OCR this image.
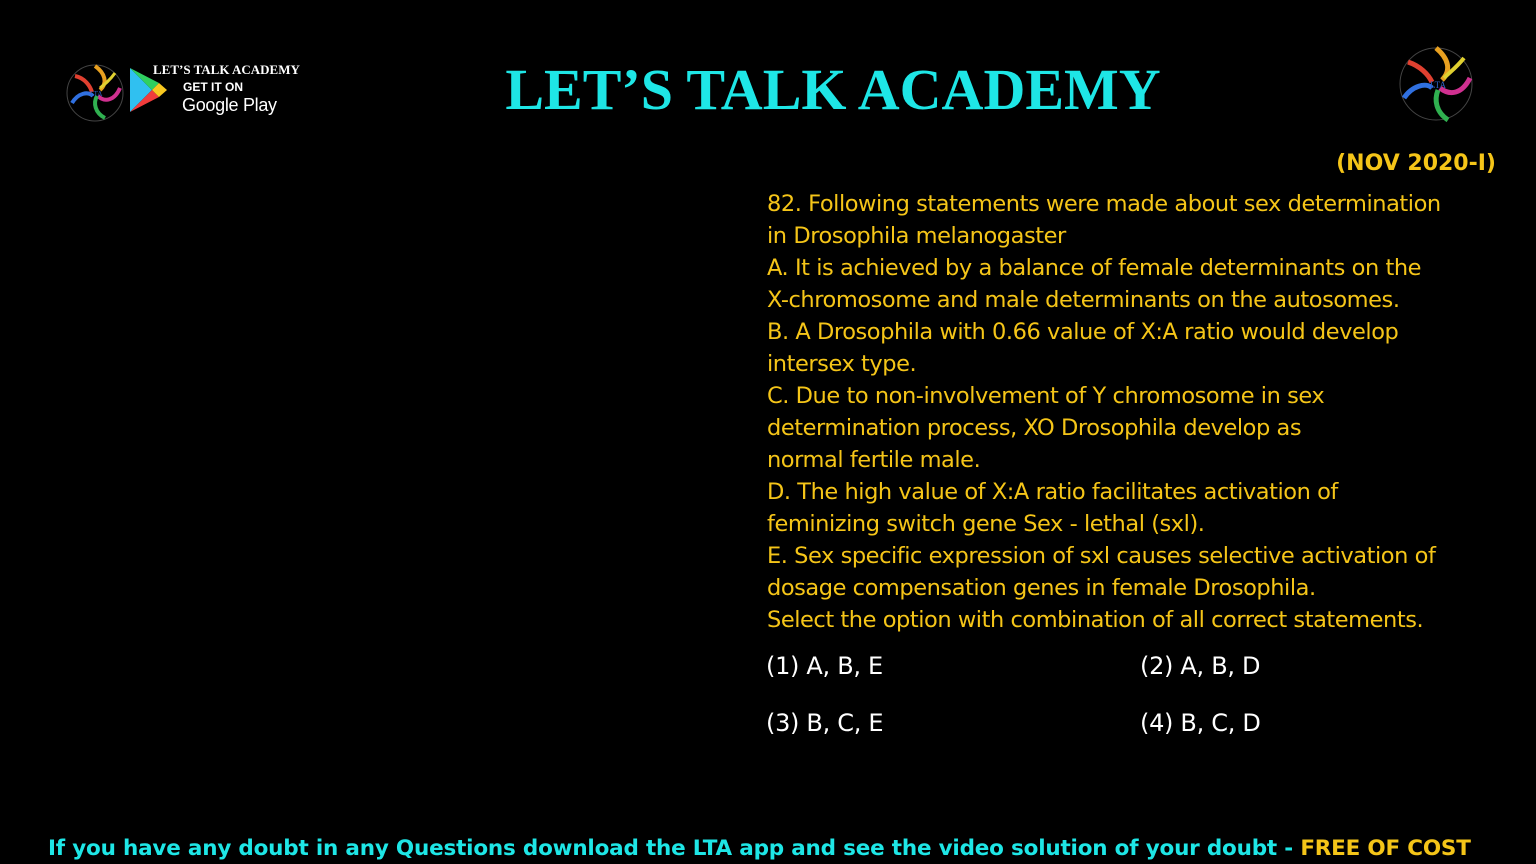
LTA
LET’S TALK ACADEMY
GET IT ON
Google Play	LET’S TALK ACADEMY	LTA
(NOV 2020-I)
82. Following statements were made about sex determination
in Drosophila melanogaster
A. It is achieved by a balance of female determinants on the
X-chromosome and male determinants on the autosomes.
B. A Drosophila with 0.66 value of X:A ratio would develop
intersex type.
C. Due to non-involvement of Y chromosome in sex
determination process, XO Drosophila develop as
normal fertile male.
D. The high value of X:A ratio facilitates activation of
feminizing switch gene Sex - lethal (sxl).
E. Sex specific expression of sxl causes selective activation of
dosage compensation genes in female Drosophila.
Select the option with combination of all correct statements.
(1) A, B, E	(2) A, B, D
(3) B, C, E	(4) B, C, D
If you have any doubt in any Questions download the LTA app and see the video solution of your doubt - FREE OF COST
